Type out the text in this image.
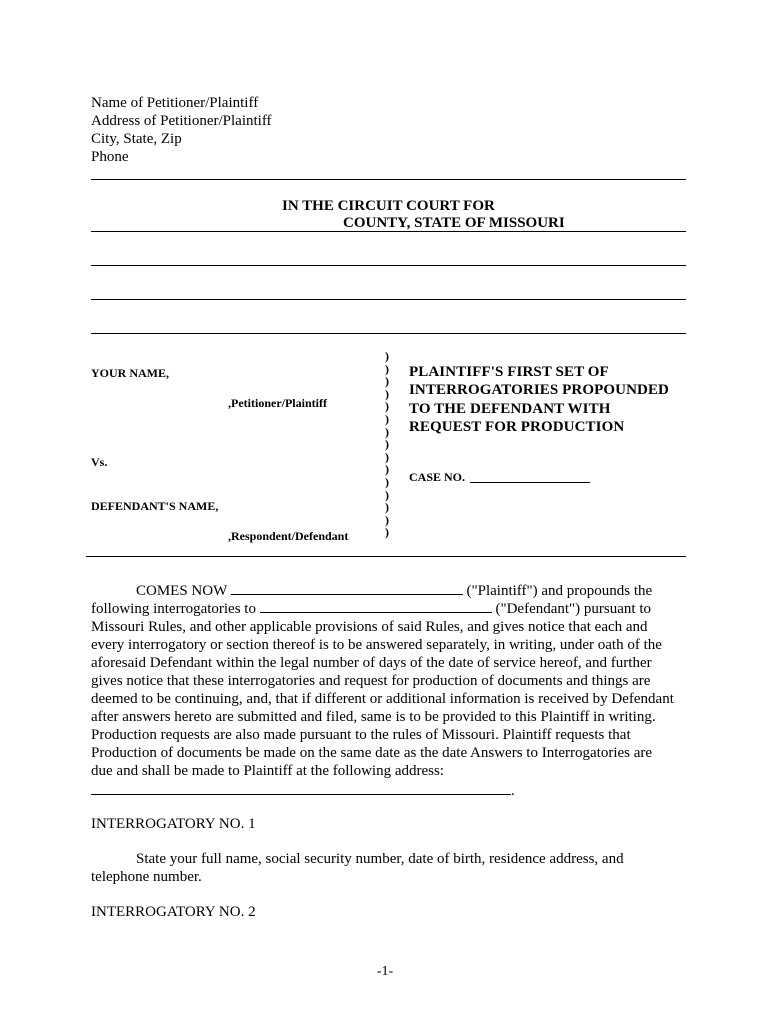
Name of Petitioner/Plaintiff
Address of Petitioner/Plaintiff
City, State, Zip
Phone
IN THE CIRCUIT COURT FOR
COUNTY, STATE OF MISSOURI
YOUR NAME,
,Petitioner/Plaintiff
Vs.
DEFENDANT'S NAME,
,Respondent/Defendant
)
)
)
)
)
)
)
)
)
)
)
)
)
)
)
PLAINTIFF'S FIRST SET OF
INTERROGATORIES PROPOUNDED
TO THE DEFENDANT WITH
REQUEST FOR PRODUCTION
CASE NO.

COMES NOW	("Plaintiff") and propounds the

following interrogatories to	("Defendant") pursuant to

Missouri Rules, and other applicable provisions of said Rules, and gives notice that each and

every interrogatory or section thereof is to be answered separately, in writing, under oath of the

aforesaid Defendant within the legal number of days of the date of service hereof, and further

gives notice that these interrogatories and request for production of documents and things are

deemed to be continuing, and, that if different or additional information is received by Defendant

after answers hereto are submitted and filed, same is to be provided to this Plaintiff in writing.

Production requests are also made pursuant to the rules of Missouri. Plaintiff requests that

Production of documents be made on the same date as the date Answers to Interrogatories are

due and shall be made to Plaintiff at the following address:

.

INTERROGATORY NO. 1
State your full name, social security number, date of birth, residence address, and
telephone number.
INTERROGATORY NO. 2
-1-
